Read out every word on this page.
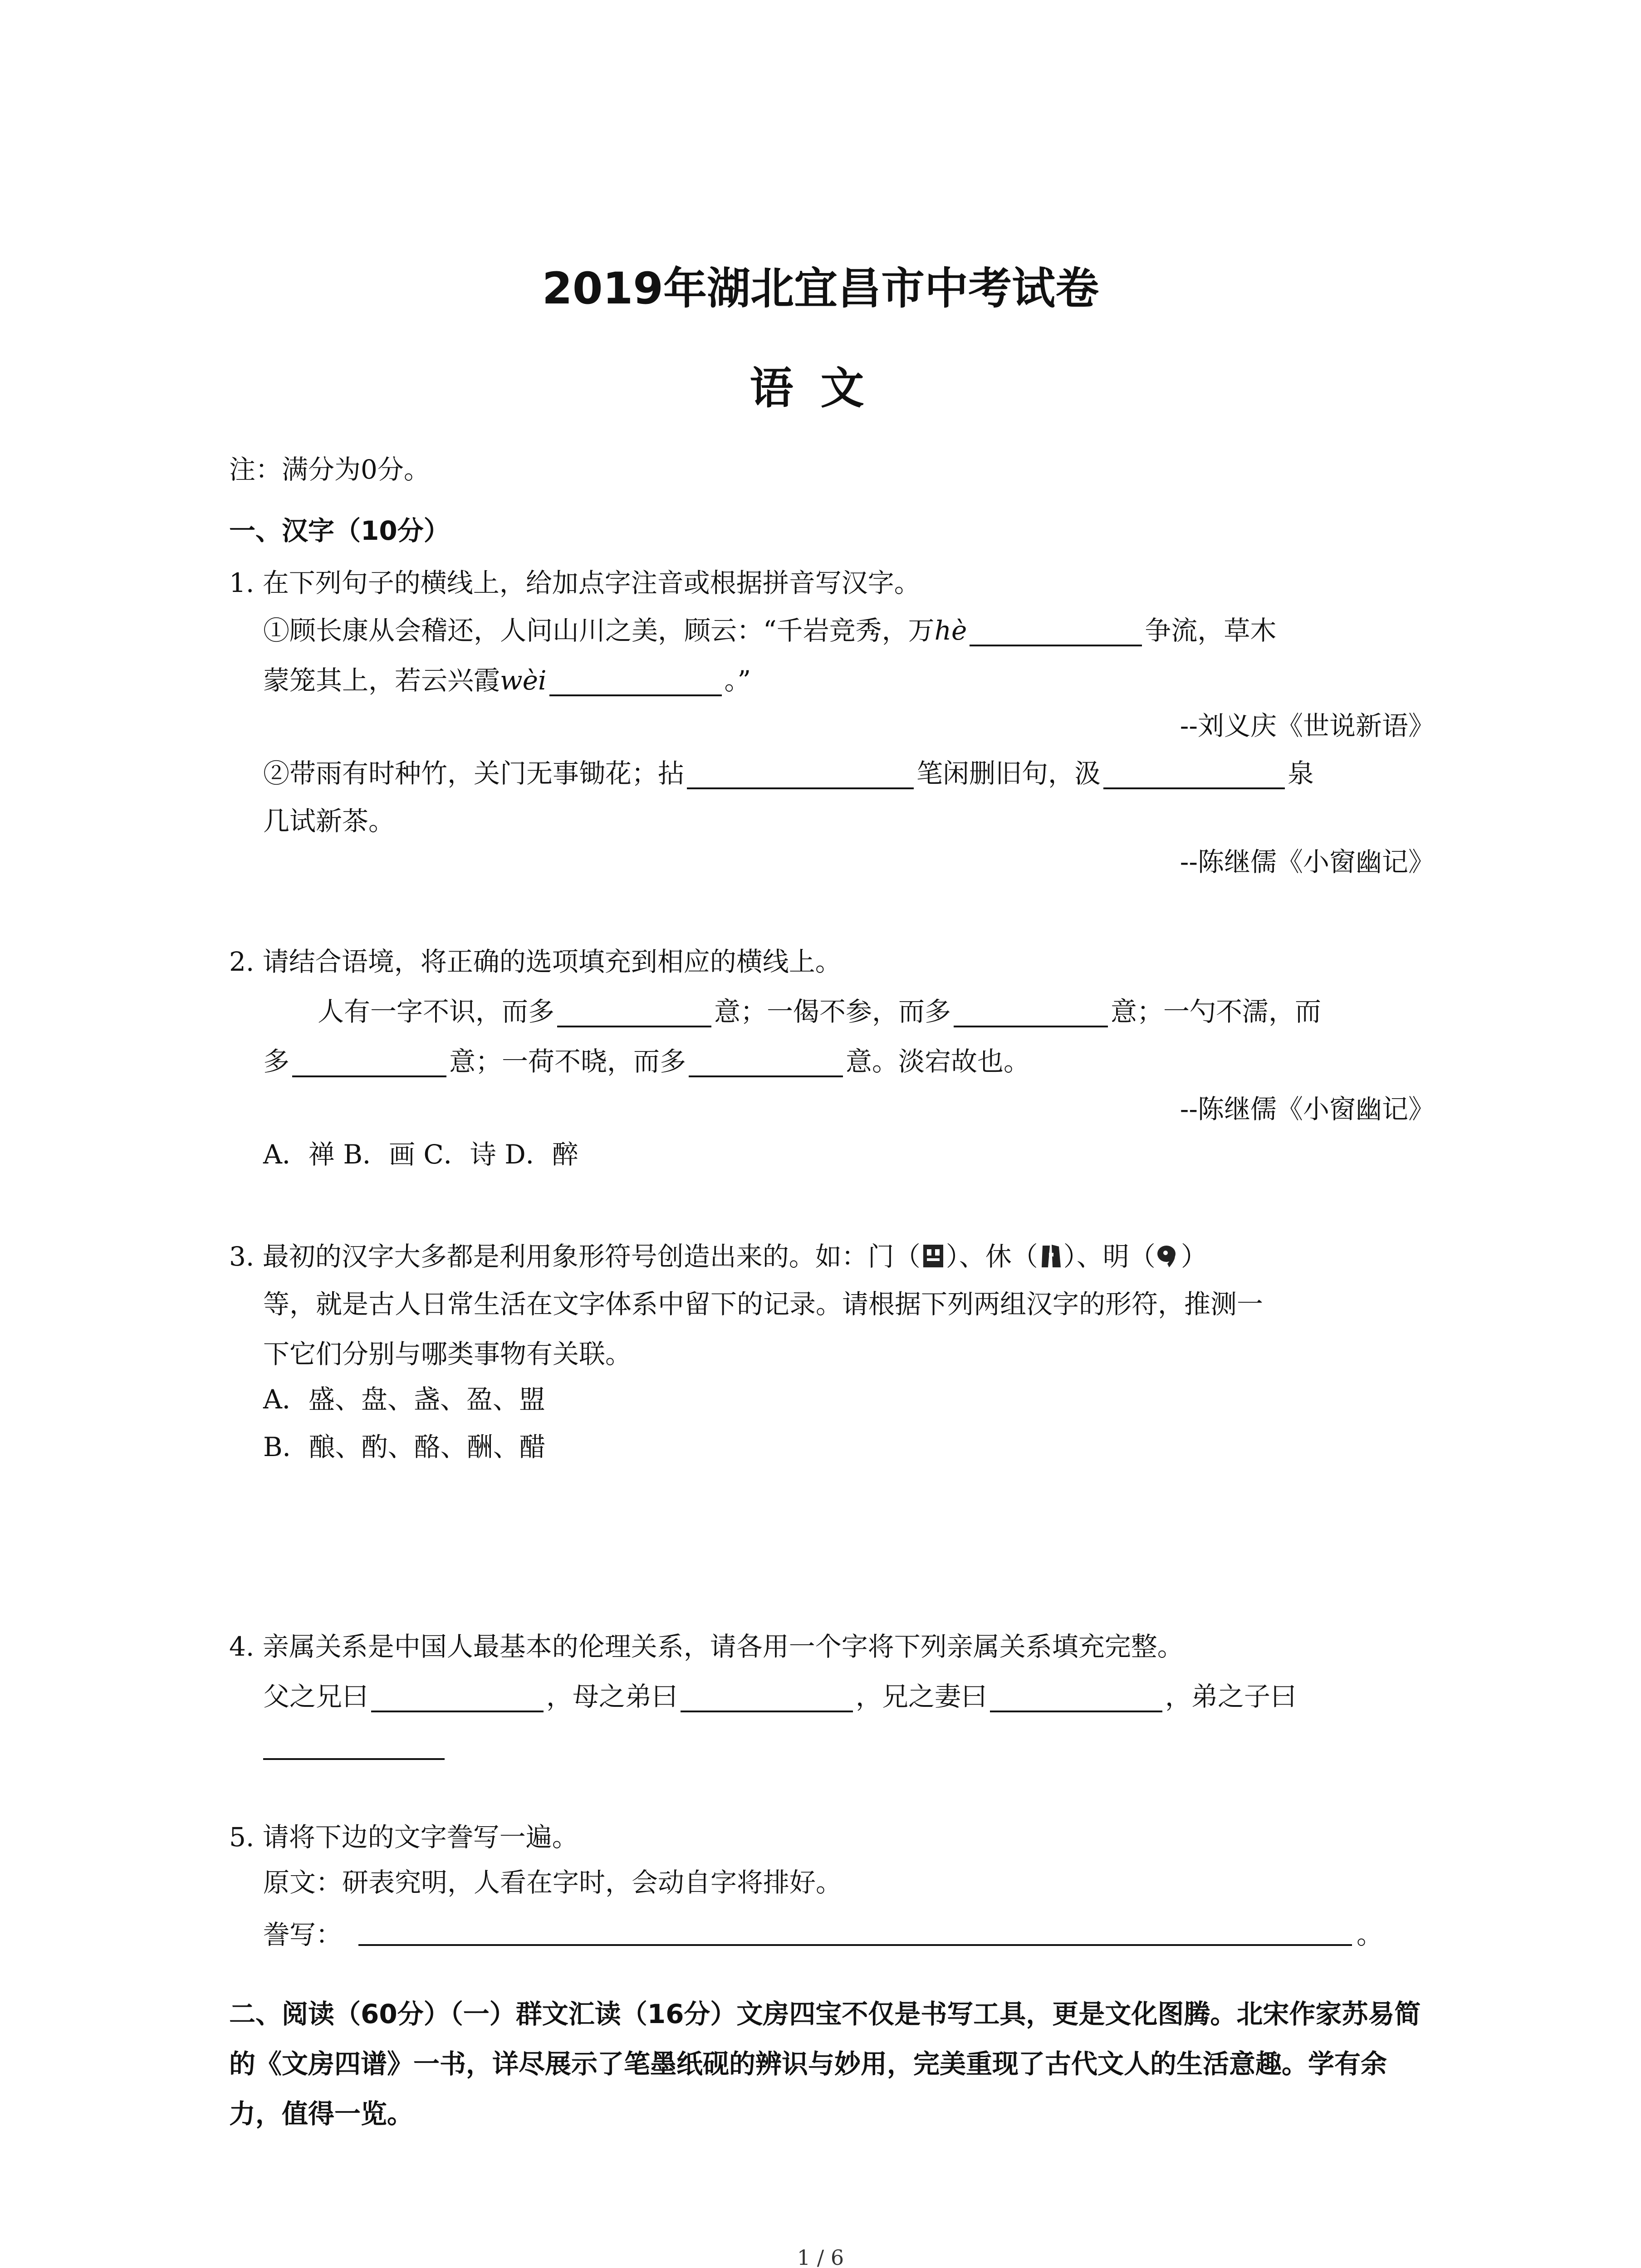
2019年湖北宜昌市中考试卷
语文
注：满分为0分。
一、汉字（10分）
1. 在下列句子的横线上，给加点字注音或根据拼音写汉字。
①顾长康从会稽还，人问山川之美，顾云：“千岩竞秀，万hè	争流，草木
蒙笼其上，若云兴霞wèi	。”
--刘义庆《世说新语》
②带雨有时种竹，关门无事锄花；拈	笔闲删旧句，汲	泉
几试新茶。
--陈继儒《小窗幽记》
2. 请结合语境，将正确的选项填充到相应的横线上。
人有一字不识，而多	意；一偈不参，而多	意；一勺不濡，而
多	意；一荷不晓，而多	意。淡宕故也。
--陈继儒《小窗幽记》
A．禅 B．画 C．诗 D．醉
3. 最初的汉字大多都是利用象形符号创造出来的。如：门（ ）、休（ ）、明（ ）
等，就是古人日常生活在文字体系中留下的记录。请根据下列两组汉字的形符，推测一
下它们分别与哪类事物有关联。
A．盛、盘、盏、盈、盟
B．酿、酌、酪、酬、醋
4. 亲属关系是中国人最基本的伦理关系，请各用一个字将下列亲属关系填充完整。
父之兄曰	，母之弟曰	，兄之妻曰	，弟之子曰
5. 请将下边的文字誊写一遍。
原文：研表究明，人看在字时，会动自字将排好。
誊写：	。
二、阅读（60分）（一）群文汇读（16分）文房四宝不仅是书写工具，更是文化图腾。北宋作家苏易简的《文房四谱》一书，详尽展示了笔墨纸砚的辨识与妙用，完美重现了古代文人的生活意趣。学有余力，值得一览。
1 / 6
